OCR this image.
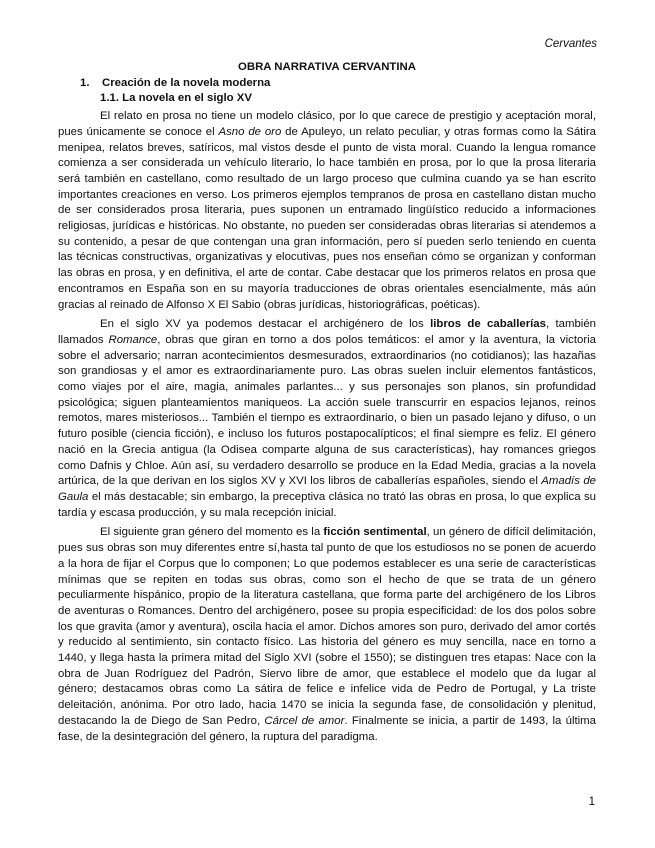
Cervantes
OBRA NARRATIVA CERVANTINA
1. Creación de la novela moderna
1.1. La novela en el siglo XV

El relato en prosa no tiene un modelo clásico, por lo que carece de prestigio y aceptación moral, pues únicamente se conoce el Asno de oro de Apuleyo, un relato peculiar, y otras formas como la Sátira menipea, relatos breves, satíricos, mal vistos desde el punto de vista moral. Cuando la lengua romance comienza a ser considerada un vehículo literario, lo hace también en prosa, por lo que la prosa literaria será también en castellano, como resultado de un largo proceso que culmina cuando ya se han escrito importantes creaciones en verso. Los primeros ejemplos tempranos de prosa en castellano distan mucho de ser considerados prosa literaria, pues suponen un entramado lingüístico reducido a informaciones religiosas, jurídicas e históricas. No obstante, no pueden ser consideradas obras literarias si atendemos a su contenido, a pesar de que contengan una gran información, pero sí pueden serlo teniendo en cuenta las técnicas constructivas, organizativas y elocutivas, pues nos enseñan cómo se organizan y conforman las obras en prosa, y en definitiva, el arte de contar. Cabe destacar que los primeros relatos en prosa que encontramos en España son en su mayoría traducciones de obras orientales esencialmente, más aún gracias al reinado de Alfonso X El Sabio (obras jurídicas, historiográficas, poéticas).

En el siglo XV ya podemos destacar el archigénero de los libros de caballerías, también llamados Romance, obras que giran en torno a dos polos temáticos: el amor y la aventura, la victoria sobre el adversario; narran acontecimientos desmesurados, extraordinarios (no cotidianos); las hazañas son grandiosas y el amor es extraordinariamente puro. Las obras suelen incluir elementos fantásticos, como viajes por el aire, magia, animales parlantes... y sus personajes son planos, sin profundidad psicológica; siguen planteamientos maniqueos. La acción suele transcurrir en espacios lejanos, reinos remotos, mares misteriosos... También el tiempo es extraordinario, o bien un pasado lejano y difuso, o un futuro posible (ciencia ficción), e incluso los futuros postapocalípticos; el final siempre es feliz. El género nació en la Grecia antigua (la Odisea comparte alguna de sus características), hay romances griegos como Dafnis y Chloe. Aún así, su verdadero desarrollo se produce en la Edad Media, gracias a la novela artúrica, de la que derivan en los siglos XV y XVI los libros de caballerías españoles, siendo el Amadís de Gaula el más destacable; sin embargo, la preceptiva clásica no trató las obras en prosa, lo que explica su tardía y escasa producción, y su mala recepción inicial.

El siguiente gran género del momento es la ficción sentimental, un género de difícil delimitación, pues sus obras son muy diferentes entre sí,hasta tal punto de que los estudiosos no se ponen de acuerdo a la hora de fijar el Corpus que lo componen; Lo que podemos establecer es una serie de características mínimas que se repiten en todas sus obras, como son el hecho de que se trata de un género peculiarmente hispánico, propio de la literatura castellana, que forma parte del archigénero de los Libros de aventuras o Romances. Dentro del archigénero, posee su propia especificidad: de los dos polos sobre los que gravita (amor y aventura), oscila hacia el amor. Dichos amores son puro, derivado del amor cortés y reducido al sentimiento, sin contacto físico. Las historia del género es muy sencilla, nace en torno a 1440, y llega hasta la primera mitad del Siglo XVI (sobre el 1550); se distinguen tres etapas: Nace con la obra de Juan Rodríguez del Padrón, Siervo libre de amor, que establece el modelo que da lugar al género; destacamos obras como La sátira de felice e infelice vida de Pedro de Portugal, y La triste deleitación, anónima. Por otro lado, hacia 1470 se inicia la segunda fase, de consolidación y plenitud, destacando la de Diego de San Pedro, Cárcel de amor. Finalmente se inicia, a partir de 1493, la última fase, de la desintegración del género, la ruptura del paradigma.

1
